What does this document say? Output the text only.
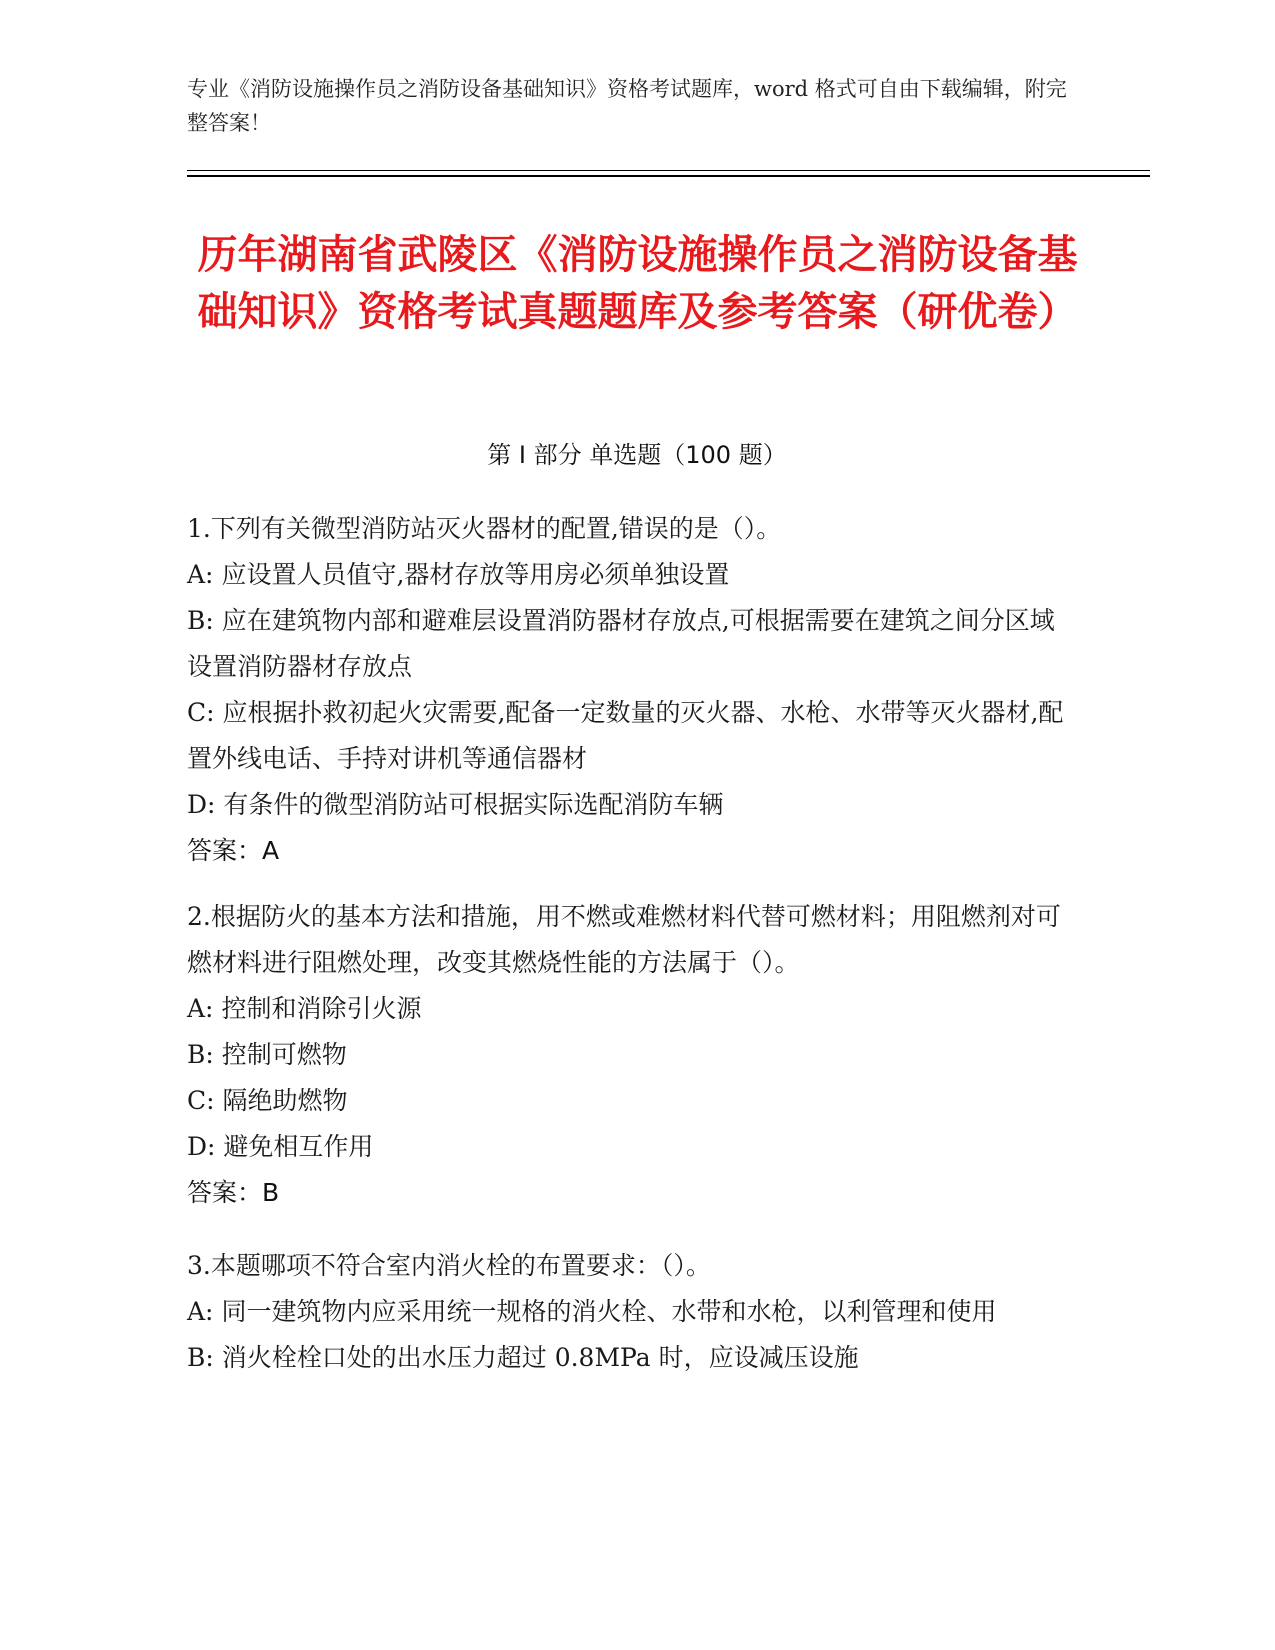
专业《消防设施操作员之消防设备基础知识》资格考试题库，word 格式可自由下载编辑，附完整答案！
历年湖南省武陵区《消防设施操作员之消防设备基础知识》资格考试真题题库及参考答案（研优卷）
第 I 部分 单选题（100 题）

1.下列有关微型消防站灭火器材的配置,错误的是（）。

A: 应设置人员值守,器材存放等用房必须单独设置

B: 应在建筑物内部和避难层设置消防器材存放点,可根据需要在建筑之间分区域设置消防器材存放点

C: 应根据扑救初起火灾需要,配备一定数量的灭火器、水枪、水带等灭火器材,配置外线电话、手持对讲机等通信器材

D: 有条件的微型消防站可根据实际选配消防车辆

答案：A

2.根据防火的基本方法和措施，用不燃或难燃材料代替可燃材料；用阻燃剂对可燃材料进行阻燃处理，改变其燃烧性能的方法属于（）。

A: 控制和消除引火源

B: 控制可燃物

C: 隔绝助燃物

D: 避免相互作用

答案：B

3.本题哪项不符合室内消火栓的布置要求：（）。

A: 同一建筑物内应采用统一规格的消火栓、水带和水枪，以利管理和使用

B: 消火栓栓口处的出水压力超过 0.8MPa 时，应设减压设施
